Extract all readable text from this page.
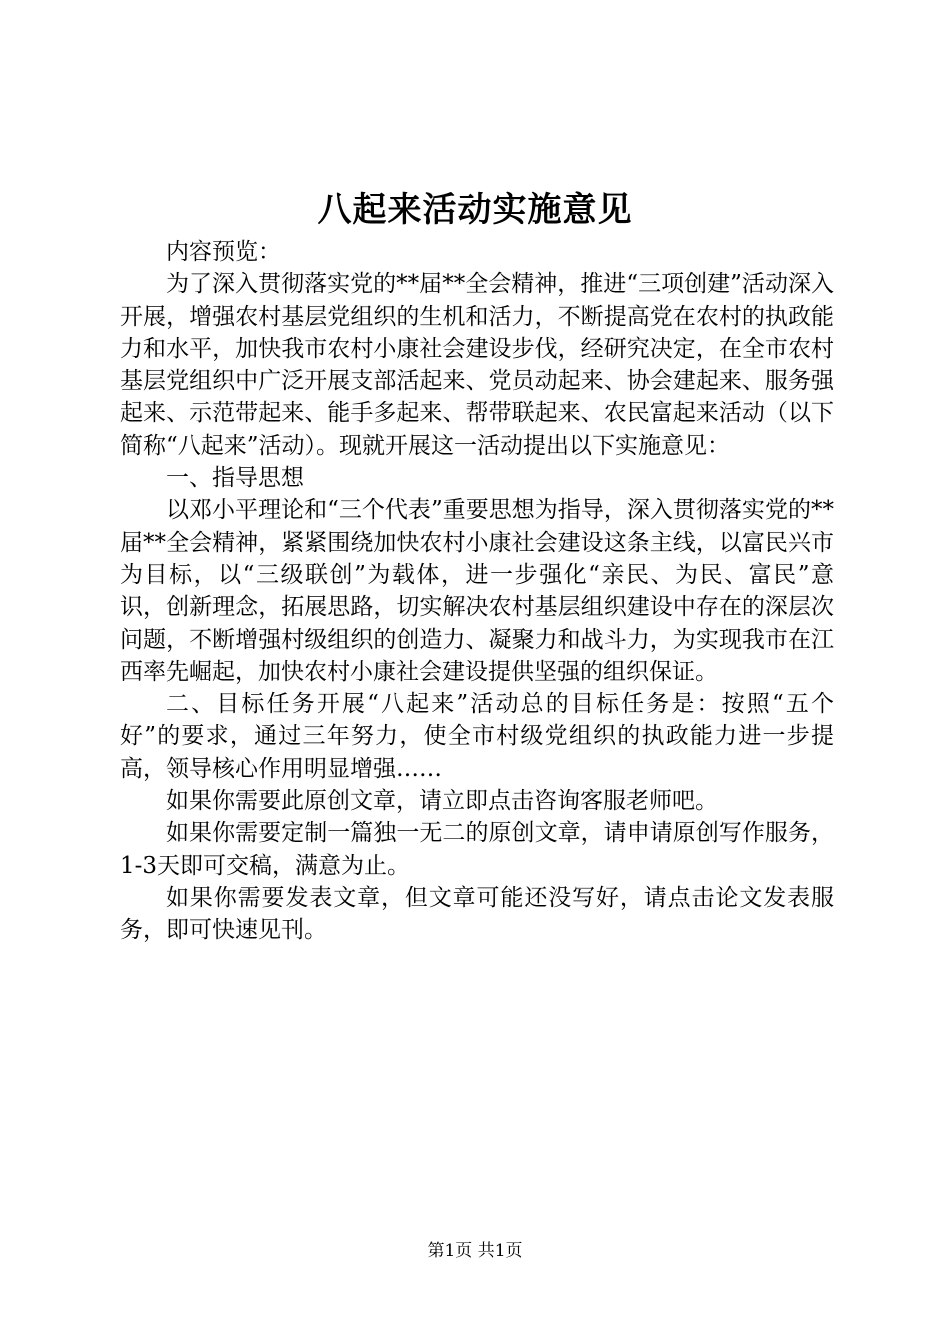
八起来活动实施意见

内容预览：

为了深入贯彻落实党的**届**全会精神，推进“三项创建”活动深入开展，增强农村基层党组织的生机和活力，不断提高党在农村的执政能力和水平，加快我市农村小康社会建设步伐，经研究决定，在全市农村基层党组织中广泛开展支部活起来、党员动起来、协会建起来、服务强起来、示范带起来、能手多起来、帮带联起来、农民富起来活动（以下简称“八起来”活动）。现就开展这一活动提出以下实施意见：

一、指导思想

以邓小平理论和“三个代表”重要思想为指导，深入贯彻落实党的**届**全会精神，紧紧围绕加快农村小康社会建设这条主线，以富民兴市为目标，以“三级联创”为载体，进一步强化“亲民、为民、富民”意识，创新理念，拓展思路，切实解决农村基层组织建设中存在的深层次问题，不断增强村级组织的创造力、凝聚力和战斗力，为实现我市在江西率先崛起，加快农村小康社会建设提供坚强的组织保证。

二、目标任务开展“八起来”活动总的目标任务是：按照“五个好”的要求，通过三年努力，使全市村级党组织的执政能力进一步提高，领导核心作用明显增强……

如果你需要此原创文章，请立即点击咨询客服老师吧。

如果你需要定制一篇独一无二的原创文章，请申请原创写作服务，1-3天即可交稿，满意为止。

如果你需要发表文章，但文章可能还没写好，请点击论文发表服务，即可快速见刊。

第1页 共1页
